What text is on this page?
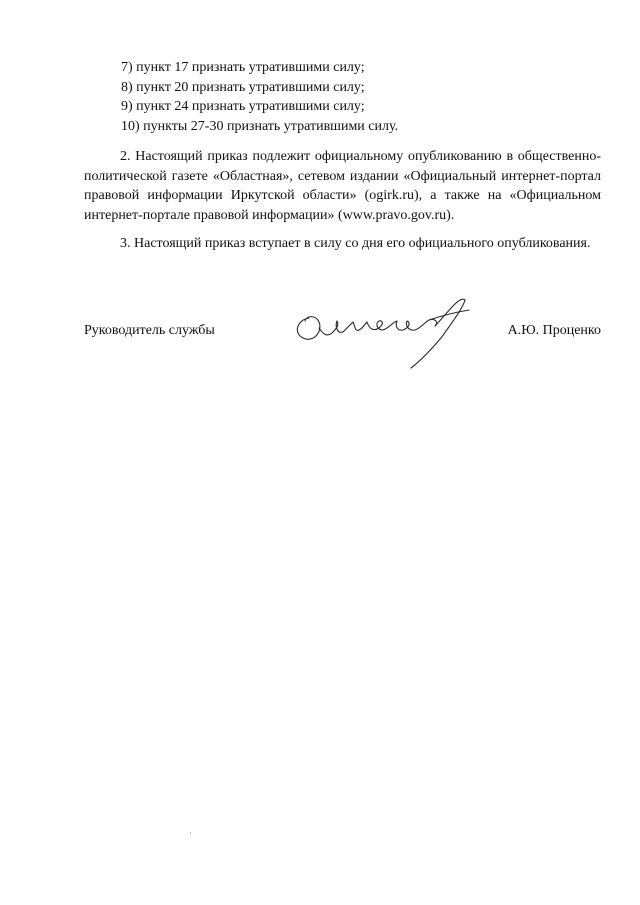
7) пункт 17 признать утратившими силу;
8) пункт 20 признать утратившими силу;
9) пункт 24 признать утратившими силу;
10) пункты 27-30 признать утратившими силу.
2. Настоящий приказ подлежит официальному опубликованию в общественно-политической газете «Областная», сетевом издании «Официальный интернет-портал правовой информации Иркутской области» (ogirk.ru), а также на «Официальном интернет-портале правовой информации» (www.pravo.gov.ru).
3. Настоящий приказ вступает в силу со дня его официального опубликования.
Руководитель службы	А.Ю. Проценко
